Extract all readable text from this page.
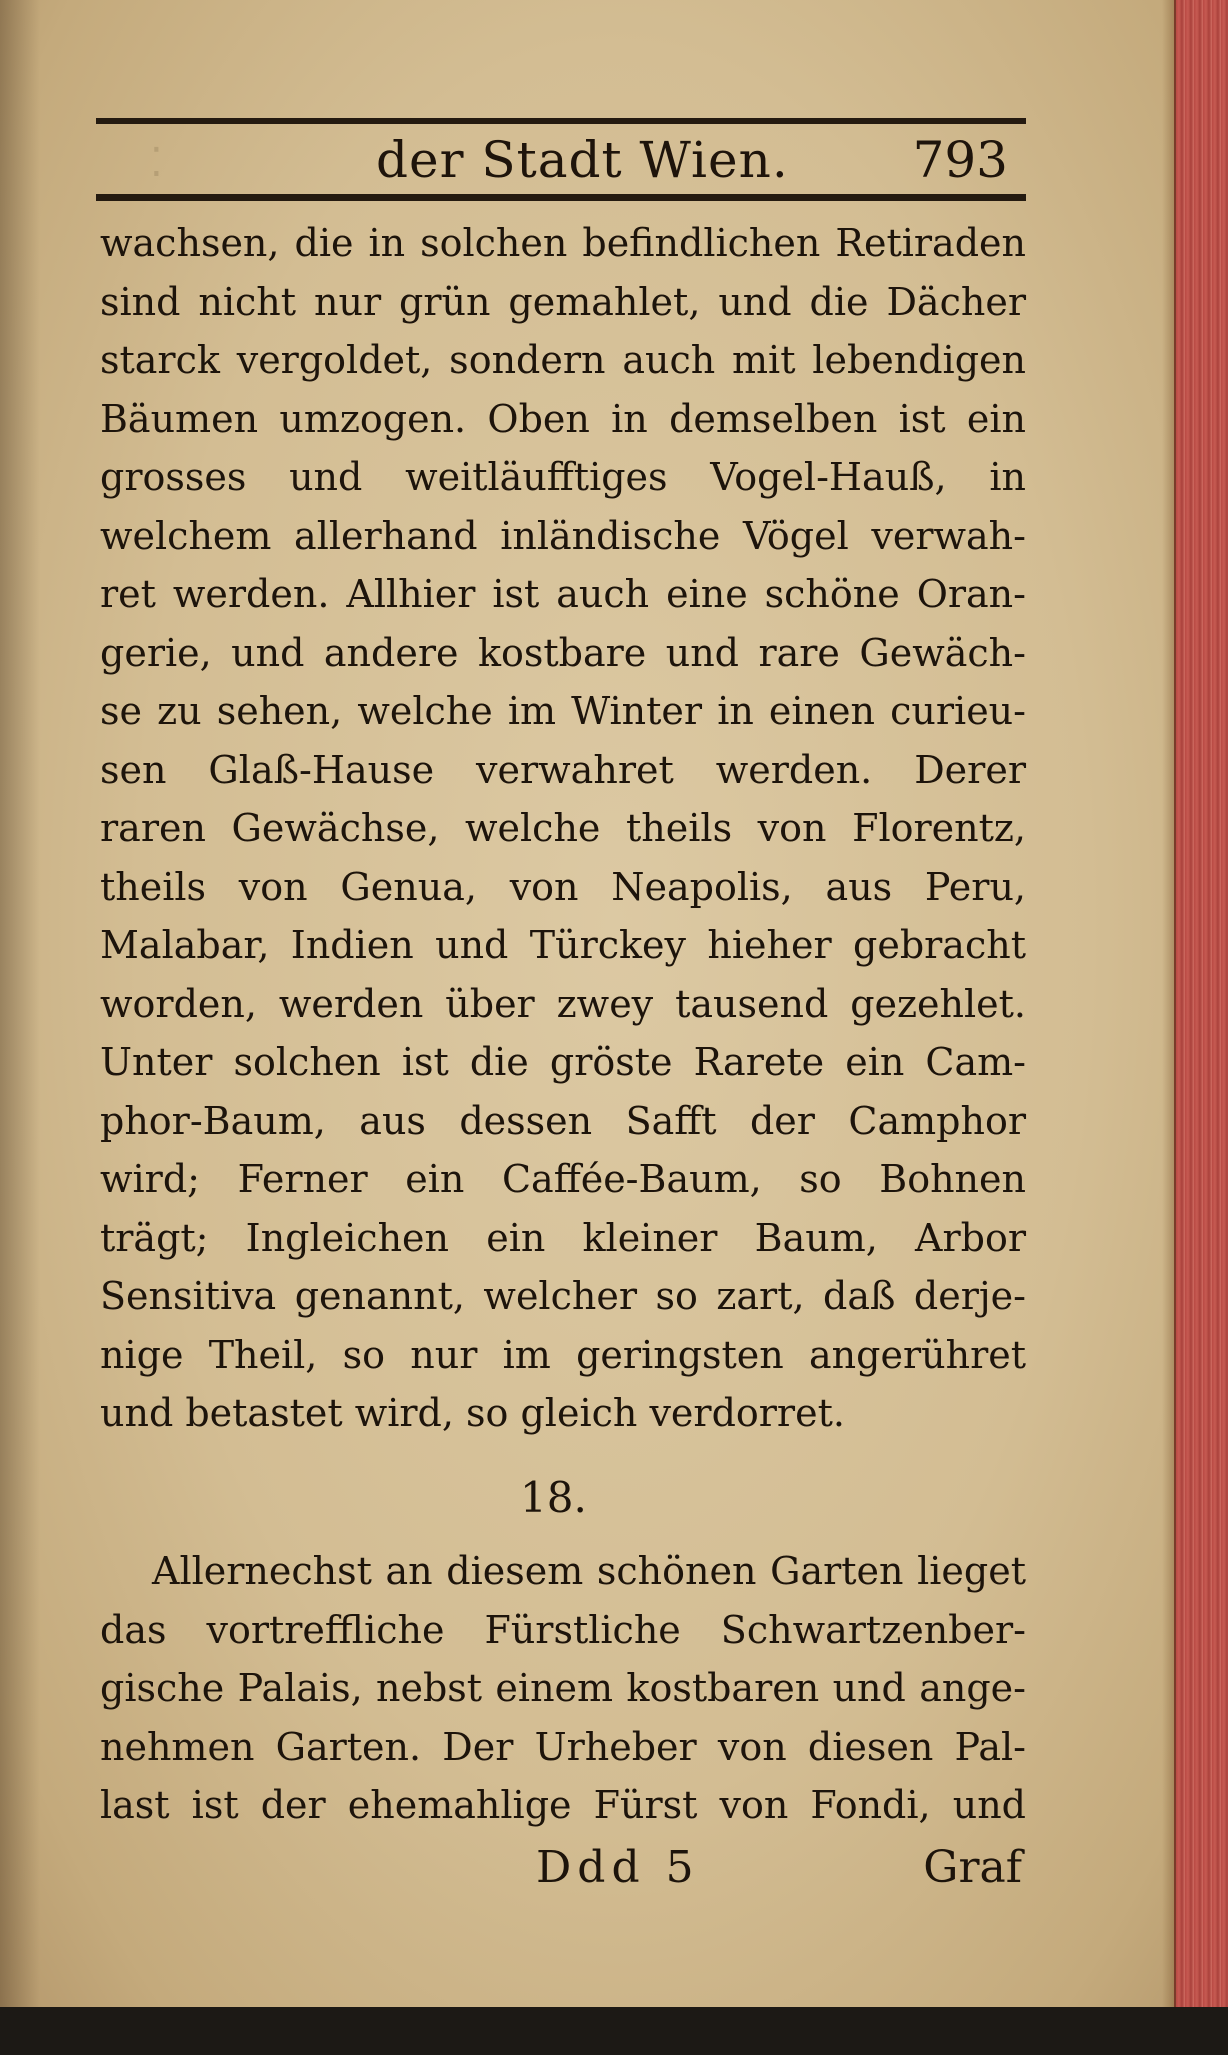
⁚	der Stadt Wien. 793
wachsen, die in solchen befindlichen Retiraden
sind nicht nur grün gemahlet, und die Dächer
starck vergoldet, sondern auch mit lebendigen
Bäumen umzogen. Oben in demselben ist ein
grosses und weitläufftiges Vogel-Hauß, in
welchem allerhand inländische Vögel verwah-
ret werden. Allhier ist auch eine schöne Oran-
gerie, und andere kostbare und rare Gewäch-
se zu sehen, welche im Winter in einen curieu-
sen Glaß-Hause verwahret werden. Derer
raren Gewächse, welche theils von Florentz,
theils von Genua, von Neapolis, aus Peru,
Malabar, Indien und Türckey hieher gebracht
worden, werden über zwey tausend gezehlet.
Unter solchen ist die gröste Rarete ein Cam-
phor-Baum, aus dessen Safft der Camphor
wird; Ferner ein Caffée-Baum, so Bohnen
trägt; Ingleichen ein kleiner Baum, Arbor
Sensitiva genannt, welcher so zart, daß derje-
nige Theil, so nur im geringsten angerühret
und betastet wird, so gleich verdorret.
18.
Allernechst an diesem schönen Garten lieget
das vortreffliche Fürstliche Schwartzenber-
gische Palais, nebst einem kostbaren und ange-
nehmen Garten. Der Urheber von diesen Pal-
last ist der ehemahlige Fürst von Fondi, und
Ddd 5	Graf
